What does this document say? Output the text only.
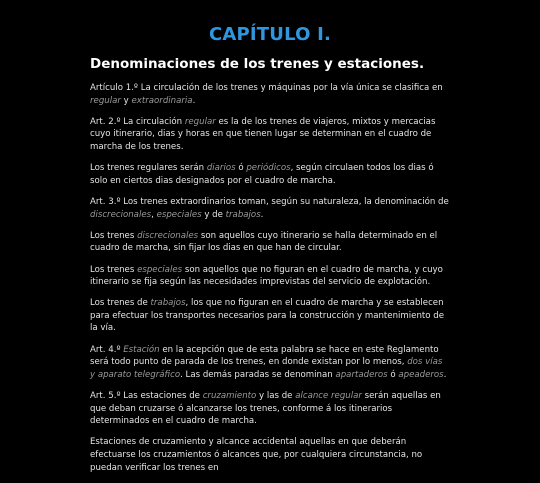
CAPÍTULO I.
Denominaciones de los trenes y estaciones.

Artículo 1.º La circulación de los trenes y máquinas por la vía única se clasifica en regular y extraordinaria.

Art. 2.º La circulación regular es la de los trenes de viajeros, mixtos y mercacias cuyo itinerario, dias y horas en que tienen lugar se determinan en el cuadro de marcha de los trenes.

Los trenes regulares serán diarios ó periódicos, según circulaen todos los dias ó solo en ciertos dias designados por el cuadro de marcha.

Art. 3.º Los trenes extraordinarios toman, según su naturaleza, la denominación de discrecionales, especiales y de trabajos.

Los trenes discrecionales son aquellos cuyo itinerario se halla determinado en el cuadro de marcha, sin fijar los dias en que han de circular.

Los trenes especiales son aquellos que no figuran en el cuadro de marcha, y cuyo itinerario se fija según las necesidades imprevistas del servicio de explotación.

Los trenes de trabajos, los que no figuran en el cuadro de marcha y se establecen para efectuar los transportes necesarios para la construcción y mantenimiento de la vía.

Art. 4.º Estación en la acepción que de esta palabra se hace en este Reglamento será todo punto de parada de los trenes, en donde existan por lo menos, dos vías y aparato telegráfico. Las demás paradas se denominan apartaderos ó apeaderos.

Art. 5.º Las estaciones de cruzamiento y las de alcance regular serán aquellas en que deban cruzarse ó alcanzarse los trenes, conforme á los itinerarios determinados en el cuadro de marcha.

Estaciones de cruzamiento y alcance accidental aquellas en que deberán efectuarse los cruzamientos ó alcances que, por cualquiera circunstancia, no puedan verificar los trenes en
